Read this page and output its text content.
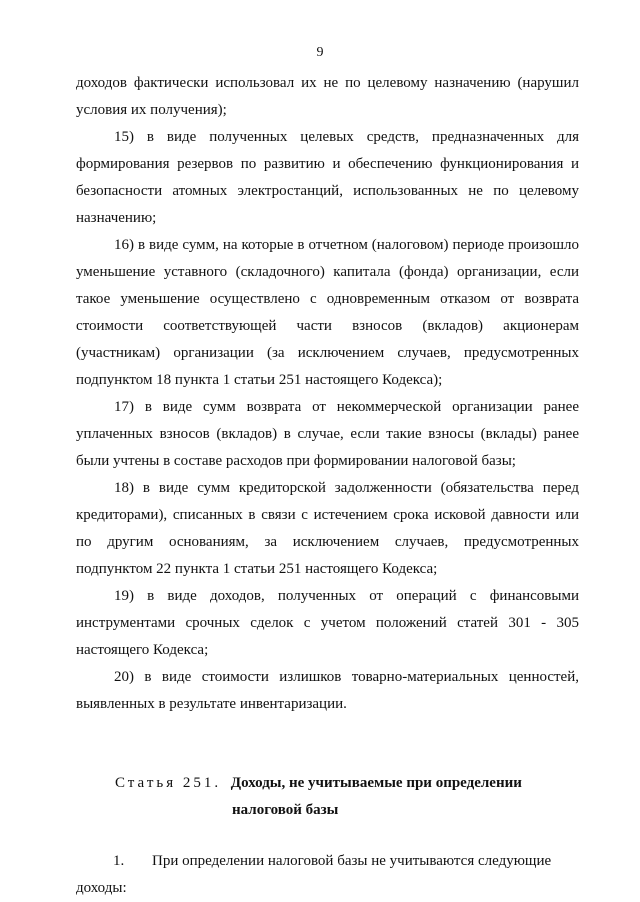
9

доходов фактически использовал их не по целевому назначению (нарушил условия их получения);

15) в виде полученных целевых средств, предназначенных для формирования резервов по развитию и обеспечению функционирования и безопасности атомных электростанций, использованных не по целевому назначению;

16) в виде сумм, на которые в отчетном (налоговом) периоде произошло уменьшение уставного (складочного) капитала (фонда) организации, если такое уменьшение осуществлено с одновременным отказом от возврата стоимости соответствующей части взносов (вкладов) акционерам (участникам) организации (за исключением случаев, предусмотренных подпунктом 18 пункта 1 статьи 251 настоящего Кодекса);

17) в виде сумм возврата от некоммерческой организации ранее уплаченных взносов (вкладов) в случае, если такие взносы (вклады) ранее были учтены в составе расходов при формировании налоговой базы;

18) в виде сумм кредиторской задолженности (обязательства перед кредиторами), списанных в связи с истечением срока исковой давности или по другим основаниям, за исключением случаев, предусмотренных подпунктом 22 пункта 1 статьи 251 настоящего Кодекса;

19) в виде доходов, полученных от операций с финансовыми инструментами срочных сделок с учетом положений статей 301 - 305 настоящего Кодекса;

20) в виде стоимости излишков товарно-материальных ценностей, выявленных в результате инвентаризации.

Статья 251. Доходы, не учитываемые при определении
налоговой базы
1. При определении налоговой базы не учитываются следующие
доходы:
